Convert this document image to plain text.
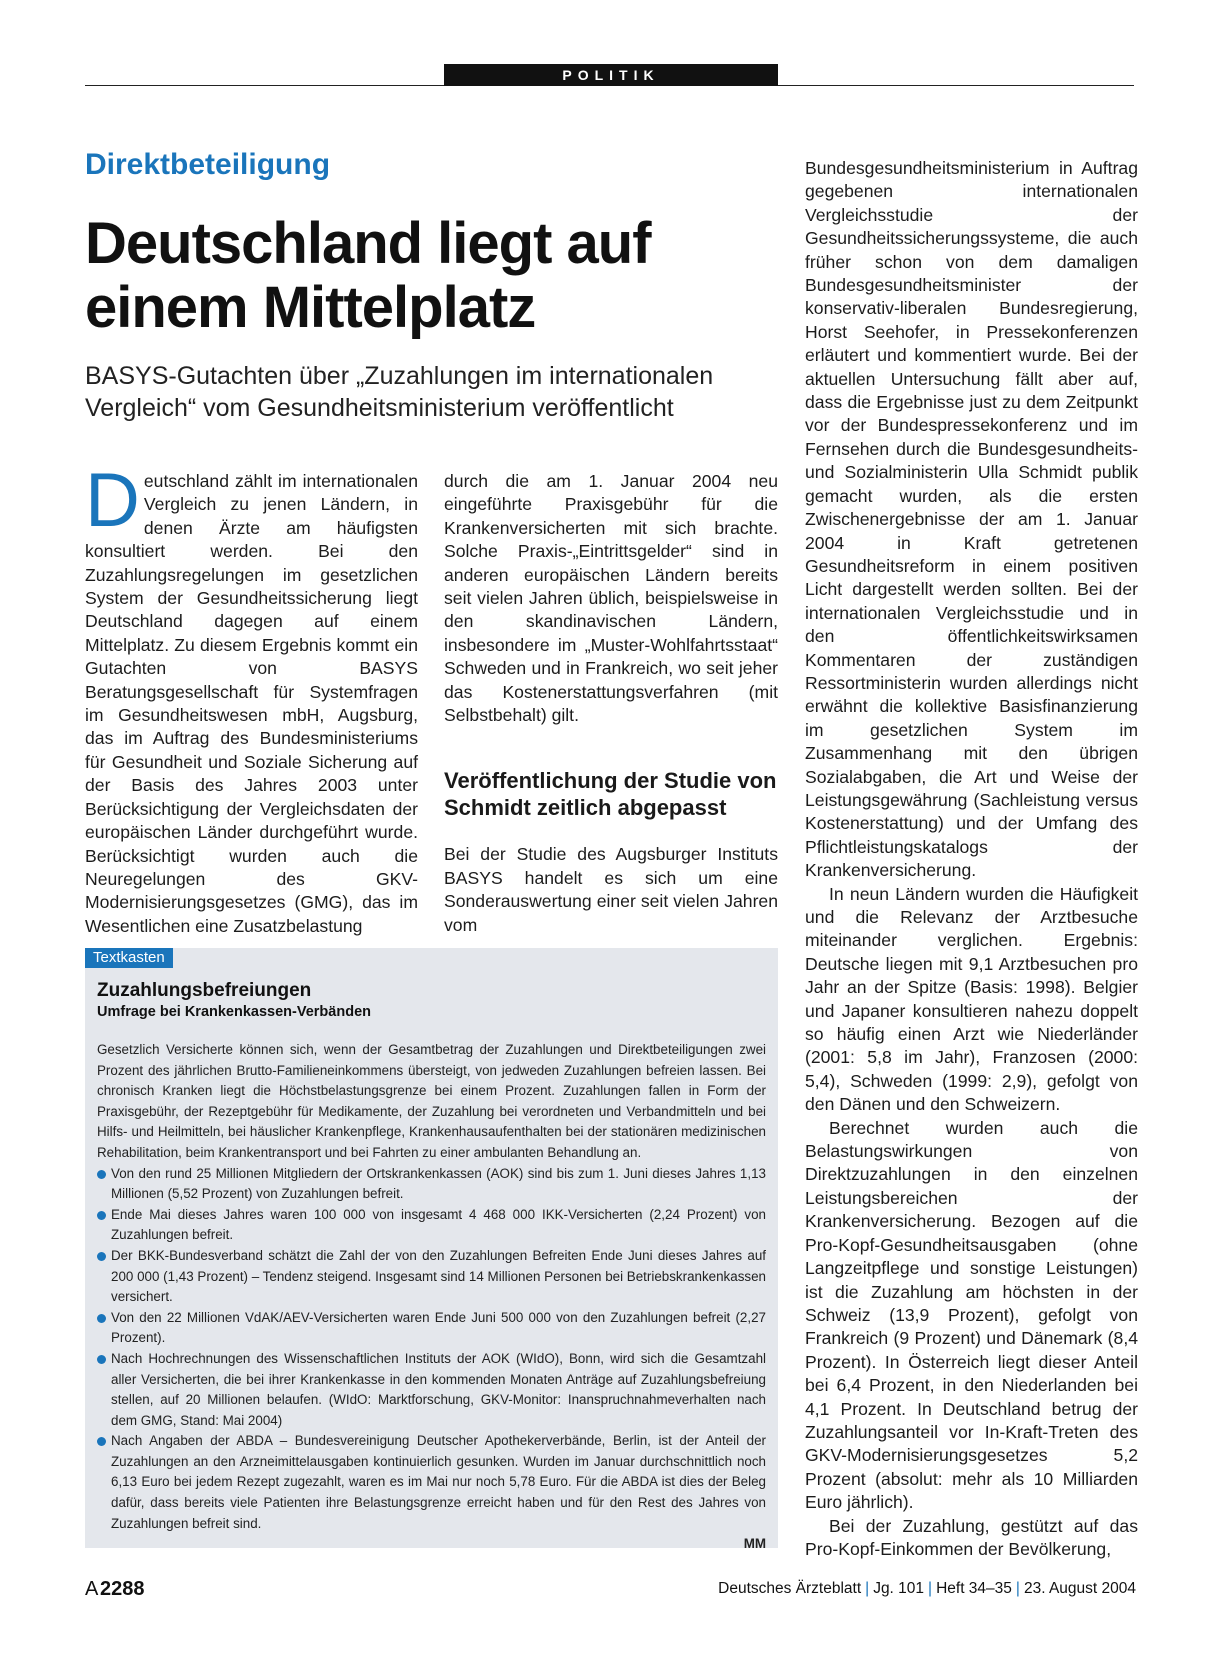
POLITIK
Direktbeteiligung
Deutschland liegt auf einem Mittelplatz
BASYS-Gutachten über „Zuzahlungen im internationalen Vergleich“ vom Gesundheitsministerium veröffentlicht

Deutschland zählt im internationalen Vergleich zu jenen Ländern, in denen Ärzte am häufigsten konsultiert werden. Bei den Zuzahlungsregelungen im gesetzlichen System der Gesundheitssicherung liegt Deutschland dagegen auf einem Mittelplatz. Zu diesem Ergebnis kommt ein Gutachten von BASYS Beratungsgesellschaft für Systemfragen im Gesundheitswesen mbH, Augsburg, das im Auftrag des Bundesministeriums für Gesundheit und Soziale Sicherung auf der Basis des Jahres 2003 unter Berücksichtigung der Vergleichsdaten der europäischen Länder durchgeführt wurde. Berücksichtigt wurden auch die Neuregelungen des GKV-Modernisierungsgesetzes (GMG), das im Wesentlichen eine Zusatzbelastung

durch die am 1. Januar 2004 neu eingeführte Praxisgebühr für die Krankenversicherten mit sich brachte. Solche Praxis-„Eintrittsgelder“ sind in anderen europäischen Ländern bereits seit vielen Jahren üblich, beispielsweise in den skandinavischen Ländern, insbesondere im „Muster-Wohlfahrtsstaat“ Schweden und in Frankreich, wo seit jeher das Kostenerstattungsverfahren (mit Selbstbehalt) gilt.

Veröffentlichung der Studie von Schmidt zeitlich abgepasst

Bei der Studie des Augsburger Instituts BASYS handelt es sich um eine Sonderauswertung einer seit vielen Jahren vom

Bundesgesundheitsministerium in Auftrag gegebenen internationalen Vergleichsstudie der Gesundheitssicherungssysteme, die auch früher schon von dem damaligen Bundesgesundheitsminister der konservativ-liberalen Bundesregierung, Horst Seehofer, in Pressekonferenzen erläutert und kommentiert wurde. Bei der aktuellen Untersuchung fällt aber auf, dass die Ergebnisse just zu dem Zeitpunkt vor der Bundespressekonferenz und im Fernsehen durch die Bundesgesundheits- und Sozialministerin Ulla Schmidt publik gemacht wurden, als die ersten Zwischenergebnisse der am 1. Januar 2004 in Kraft getretenen Gesundheitsreform in einem positiven Licht dargestellt werden sollten. Bei der internationalen Vergleichsstudie und in den öffentlichkeitswirksamen Kommentaren der zuständigen Ressortministerin wurden allerdings nicht erwähnt die kollektive Basisfinanzierung im gesetzlichen System im Zusammenhang mit den übrigen Sozialabgaben, die Art und Weise der Leistungsgewährung (Sachleistung versus Kostenerstattung) und der Umfang des Pflichtleistungskatalogs der Krankenversicherung.

In neun Ländern wurden die Häufigkeit und die Relevanz der Arztbesuche miteinander verglichen. Ergebnis: Deutsche liegen mit 9,1 Arztbesuchen pro Jahr an der Spitze (Basis: 1998). Belgier und Japaner konsultieren nahezu doppelt so häufig einen Arzt wie Niederländer (2001: 5,8 im Jahr), Franzosen (2000: 5,4), Schweden (1999: 2,9), gefolgt von den Dänen und den Schweizern.

Berechnet wurden auch die Belastungswirkungen von Direktzuzahlungen in den einzelnen Leistungsbereichen der Krankenversicherung. Bezogen auf die Pro-Kopf-Gesundheitsausgaben (ohne Langzeitpflege und sonstige Leistungen) ist die Zuzahlung am höchsten in der Schweiz (13,9 Prozent), gefolgt von Frankreich (9 Prozent) und Dänemark (8,4 Prozent). In Österreich liegt dieser Anteil bei 6,4 Prozent, in den Niederlanden bei 4,1 Prozent. In Deutschland betrug der Zuzahlungsanteil vor In-Kraft-Treten des GKV-Modernisierungsgesetzes 5,2 Prozent (absolut: mehr als 10 Milliarden Euro jährlich).

Bei der Zuzahlung, gestützt auf das Pro-Kopf-Einkommen der Bevölkerung,

Textkasten
Zuzahlungsbefreiungen
Umfrage bei Krankenkassen-Verbänden

Gesetzlich Versicherte können sich, wenn der Gesamtbetrag der Zuzahlungen und Direktbeteiligungen zwei Prozent des jährlichen Brutto-Familieneinkommens übersteigt, von jedweden Zuzahlungen befreien lassen. Bei chronisch Kranken liegt die Höchstbelastungsgrenze bei einem Prozent. Zuzahlungen fallen in Form der Praxisgebühr, der Rezeptgebühr für Medikamente, der Zuzahlung bei verordneten und Verbandmitteln und bei Hilfs- und Heilmitteln, bei häuslicher Krankenpflege, Krankenhausaufenthalten bei der stationären medizinischen Rehabilitation, beim Krankentransport und bei Fahrten zu einer ambulanten Behandlung an.

Von den rund 25 Millionen Mitgliedern der Ortskrankenkassen (AOK) sind bis zum 1. Juni dieses Jahres 1,13 Millionen (5,52 Prozent) von Zuzahlungen befreit.
Ende Mai dieses Jahres waren 100 000 von insgesamt 4 468 000 IKK-Versicherten (2,24 Prozent) von Zuzahlungen befreit.
Der BKK-Bundesverband schätzt die Zahl der von den Zuzahlungen Befreiten Ende Juni dieses Jahres auf 200 000 (1,43 Prozent) – Tendenz steigend. Insgesamt sind 14 Millionen Personen bei Betriebskrankenkassen versichert.
Von den 22 Millionen VdAK/AEV-Versicherten waren Ende Juni 500 000 von den Zuzahlungen befreit (2,27 Prozent).
Nach Hochrechnungen des Wissenschaftlichen Instituts der AOK (WIdO), Bonn, wird sich die Gesamtzahl aller Versicherten, die bei ihrer Krankenkasse in den kommenden Monaten Anträge auf Zuzahlungsbefreiung stellen, auf 20 Millionen belaufen. (WIdO: Marktforschung, GKV-Monitor: Inanspruchnahmeverhalten nach dem GMG, Stand: Mai 2004)
Nach Angaben der ABDA – Bundesvereinigung Deutscher Apothekerverbände, Berlin, ist der Anteil der Zuzahlungen an den Arzneimittelausgaben kontinuierlich gesunken. Wurden im Januar durchschnittlich noch 6,13 Euro bei jedem Rezept zugezahlt, waren es im Mai nur noch 5,78 Euro. Für die ABDA ist dies der Beleg dafür, dass bereits viele Patienten ihre Belastungsgrenze erreicht haben und für den Rest des Jahres von Zuzahlungen befreit sind.
MM
A 2288	Deutsches Ärzteblatt | Jg. 101 | Heft 34–35 | 23. August 2004
